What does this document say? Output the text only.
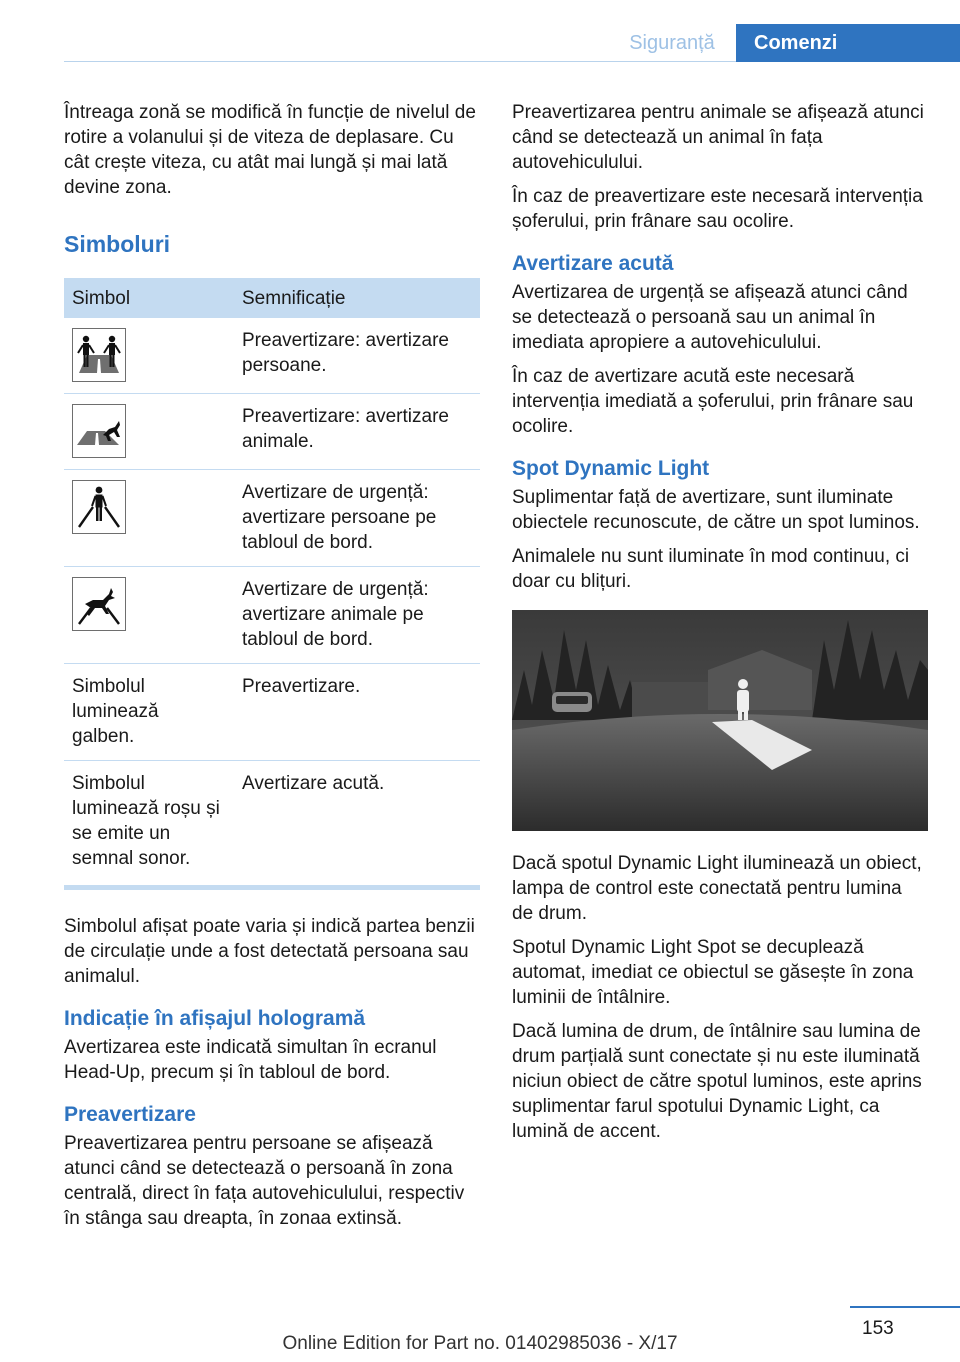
Siguranță	Comenzi

Întreaga zonă se modifică în funcție de nivelul de rotire a volanului și de viteza de deplasare. Cu cât crește viteza, cu atât mai lungă și mai lată devine zona.

Simboluri
Simbol	Semnificație

	Preavertizare: avertizare persoane.

	Preavertizare: avertizare animale.

	Avertizare de urgență: avertizare persoane pe tabloul de bord.

	Avertizare de urgență: avertizare animale pe tabloul de bord.
Simbolul luminează galben.	Preavertizare.
Simbolul luminează roșu și se emite un semnal sonor.	Avertizare acută.

Simbolul afișat poate varia și indică partea benzii de circulație unde a fost detectată persoana sau animalul.

Indicație în afișajul hologramă

Avertizarea este indicată simultan în ecranul Head-Up, precum și în tabloul de bord.

Preavertizare

Preavertizarea pentru persoane se afișează atunci când se detectează o persoană în zona centrală, direct în fața autovehiculului, respectiv în stânga sau dreapta, în zonaa extinsă.

Preavertizarea pentru animale se afișează atunci când se detectează un animal în fața autovehiculului.

În caz de preavertizare este necesară intervenția șoferului, prin frânare sau ocolire.

Avertizare acută

Avertizarea de urgență se afișează atunci când se detectează o persoană sau un animal în imediata apropiere a autovehiculului.

În caz de avertizare acută este necesară intervenția imediată a șoferului, prin frânare sau ocolire.

Spot Dynamic Light

Suplimentar față de avertizare, sunt iluminate obiectele recunoscute, de către un spot luminos.

Animalele nu sunt iluminate în mod continuu, ci doar cu blițuri.

Dacă spotul Dynamic Light iluminează un obiect, lampa de control este conectată pentru lumina de drum.

Spotul Dynamic Light Spot se decuplează automat, imediat ce obiectul se găsește în zona luminii de întâlnire.

Dacă lumina de drum, de întâlnire sau lumina de drum parțială sunt conectate și nu este iluminată niciun obiect de către spotul luminos, este aprins suplimentar farul spotului Dynamic Light, ca lumină de accent.

153
Online Edition for Part no. 01402985036 - X/17
